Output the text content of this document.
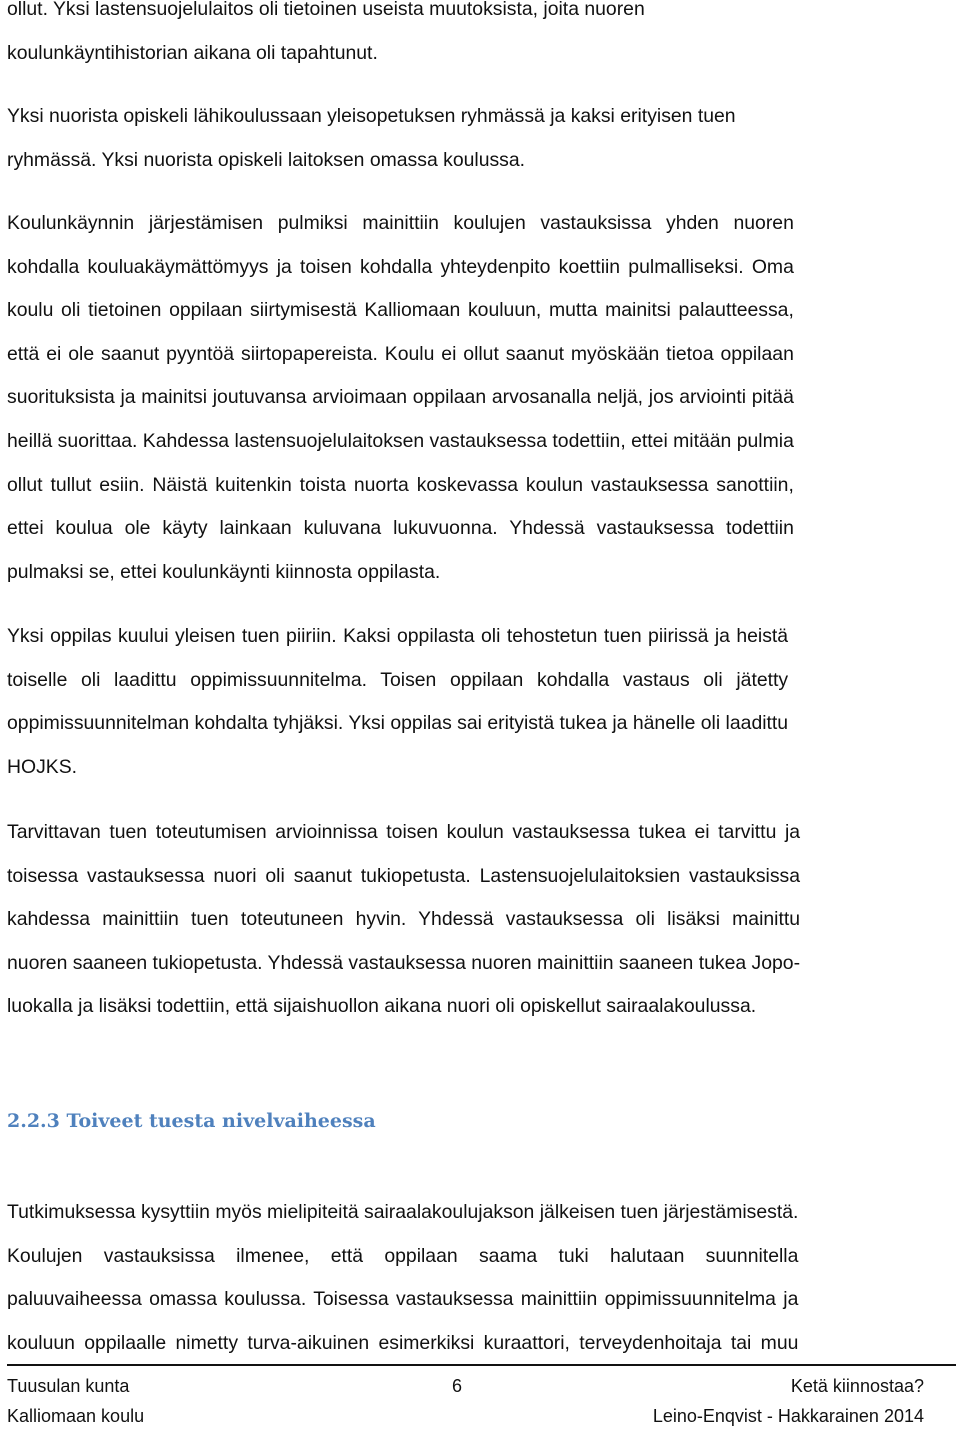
ollut. Yksi lastensuojelulaitos oli tietoinen useista muutoksista, joita nuoren
koulunkäyntihistorian aikana oli tapahtunut.
Yksi nuorista opiskeli lähikoulussaan yleisopetuksen ryhmässä ja kaksi erityisen tuen
ryhmässä. Yksi nuorista opiskeli laitoksen omassa koulussa.
Koulunkäynnin järjestämisen pulmiksi mainittiin koulujen vastauksissa yhden nuoren
kohdalla kouluakäymättömyys ja toisen kohdalla yhteydenpito koettiin pulmalliseksi. Oma
koulu oli tietoinen oppilaan siirtymisestä Kalliomaan kouluun, mutta mainitsi palautteessa,
että ei ole saanut pyyntöä siirtopapereista. Koulu ei ollut saanut myöskään tietoa oppilaan
suorituksista ja mainitsi joutuvansa arvioimaan oppilaan arvosanalla neljä, jos arviointi pitää
heillä suorittaa. Kahdessa lastensuojelulaitoksen vastauksessa todettiin, ettei mitään pulmia
ollut tullut esiin. Näistä kuitenkin toista nuorta koskevassa koulun vastauksessa sanottiin,
ettei koulua ole käyty lainkaan kuluvana lukuvuonna. Yhdessä vastauksessa todettiin
pulmaksi se, ettei koulunkäynti kiinnosta oppilasta.
Yksi oppilas kuului yleisen tuen piiriin. Kaksi oppilasta oli tehostetun tuen piirissä ja heistä
toiselle oli laadittu oppimissuunnitelma. Toisen oppilaan kohdalla vastaus oli jätetty
oppimissuunnitelman kohdalta tyhjäksi. Yksi oppilas sai erityistä tukea ja hänelle oli laadittu
HOJKS.
Tarvittavan tuen toteutumisen arvioinnissa toisen koulun vastauksessa tukea ei tarvittu ja
toisessa vastauksessa nuori oli saanut tukiopetusta. Lastensuojelulaitoksien vastauksissa
kahdessa mainittiin tuen toteutuneen hyvin. Yhdessä vastauksessa oli lisäksi mainittu
nuoren saaneen tukiopetusta. Yhdessä vastauksessa nuoren mainittiin saaneen tukea Jopo-
luokalla ja lisäksi todettiin, että sijaishuollon aikana nuori oli opiskellut sairaalakoulussa.
2.2.3 Toiveet tuesta nivelvaiheessa
Tutkimuksessa kysyttiin myös mielipiteitä sairaalakoulujakson jälkeisen tuen järjestämisestä.
Koulujen vastauksissa ilmenee, että oppilaan saama tuki halutaan suunnitella
paluuvaiheessa omassa koulussa. Toisessa vastauksessa mainittiin oppimissuunnitelma ja
kouluun oppilaalle nimetty turva-aikuinen esimerkiksi kuraattori, terveydenhoitaja tai muu
Tuusulan kunta	6	Ketä kiinnostaa?
Kalliomaan koulu	Leino-Enqvist - Hakkarainen 2014
